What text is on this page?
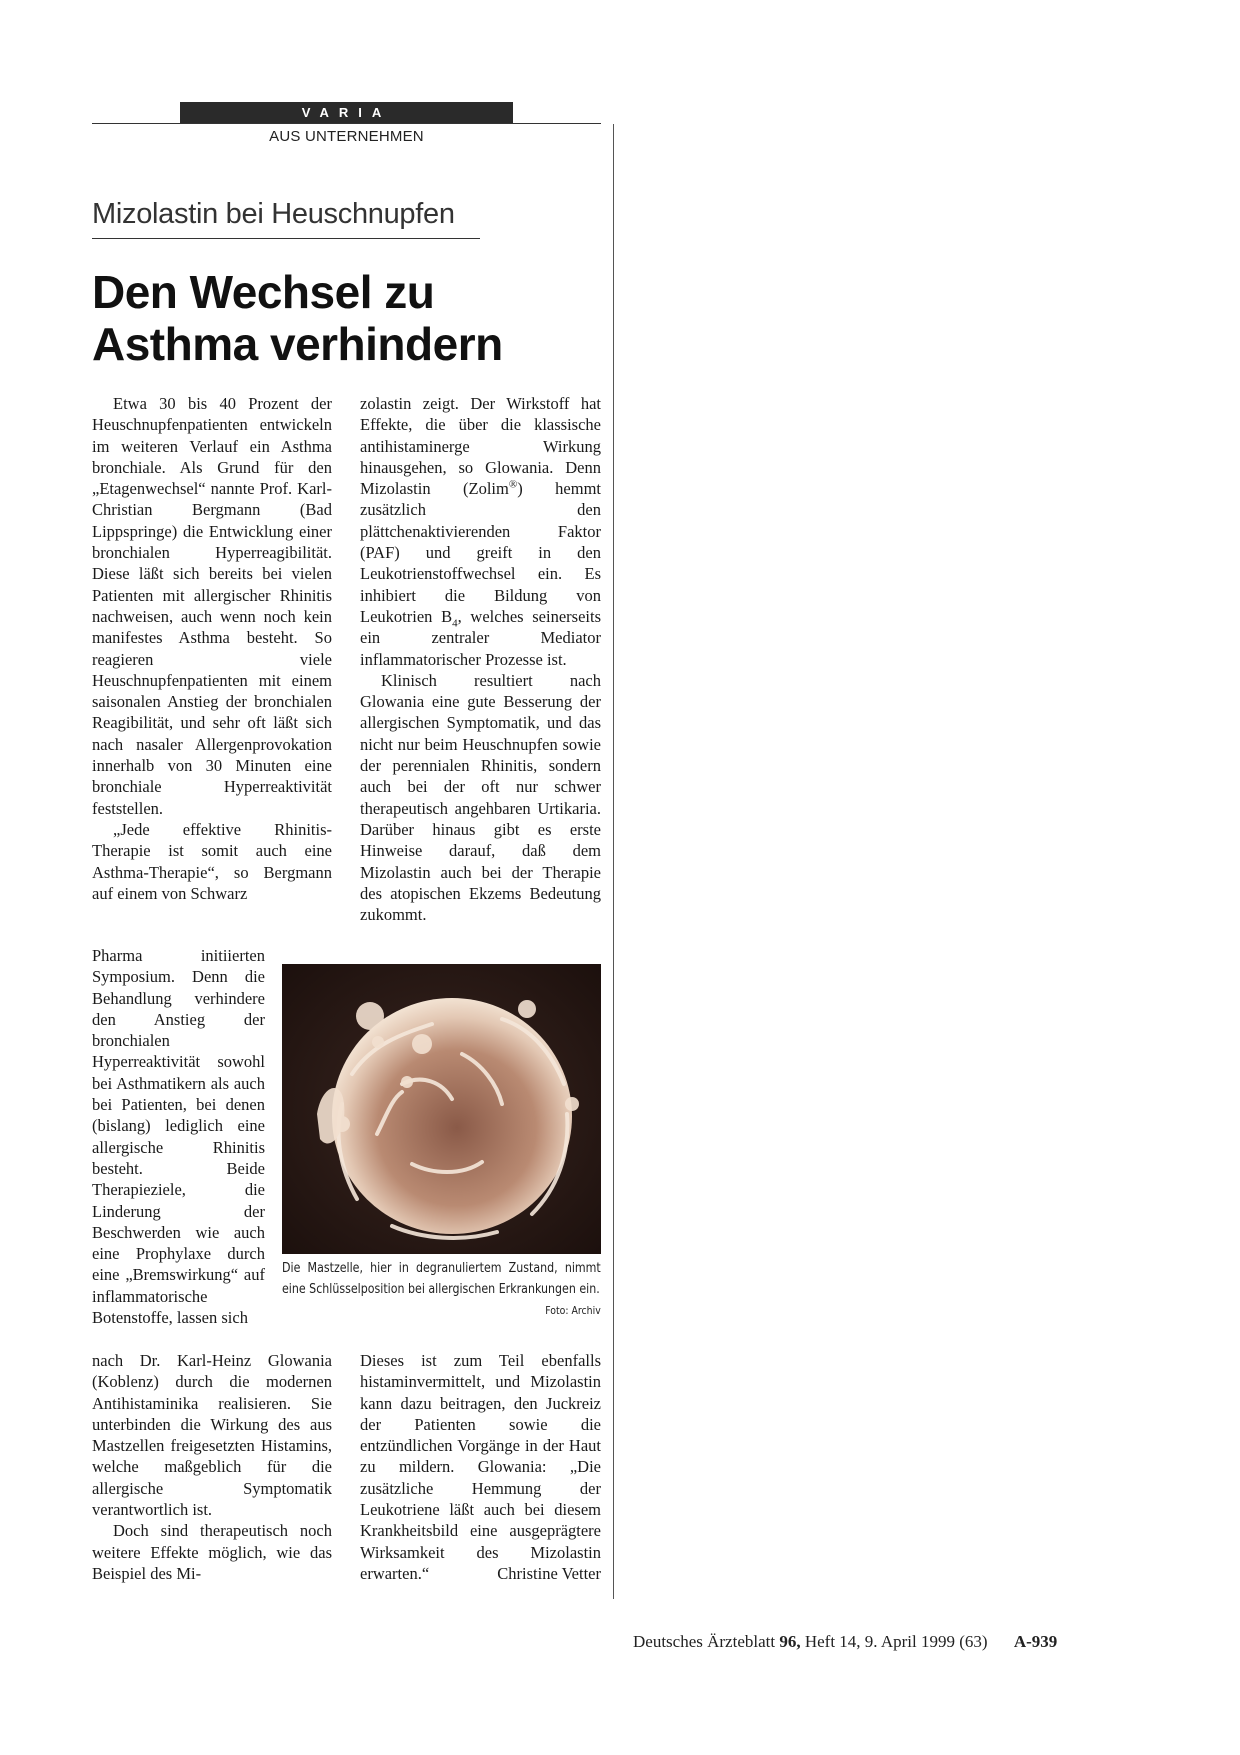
VARIA
AUS UNTERNEHMEN
Mizolastin bei Heuschnupfen
Den Wechsel zu
Asthma verhindern

Etwa 30 bis 40 Prozent der Heuschnupfenpatienten entwickeln im weiteren Verlauf ein Asthma bronchiale. Als Grund für den „Etagenwechsel“ nannte Prof. Karl-Christian Bergmann (Bad Lippspringe) die Entwicklung einer bronchialen Hyperreagibilität. Diese läßt sich bereits bei vielen Patienten mit allergischer Rhinitis nachweisen, auch wenn noch kein manifestes Asthma besteht. So reagieren viele Heuschnupfenpatienten mit einem saisonalen Anstieg der bronchialen Reagibilität, und sehr oft läßt sich nach nasaler Allergenprovokation innerhalb von 30 Minuten eine bronchiale Hyperreaktivität feststellen.

„Jede effektive Rhinitis-Therapie ist somit auch eine Asthma-Therapie“, so Bergmann auf einem von Schwarz

Pharma initiierten Symposium. Denn die Behandlung verhindere den Anstieg der bronchialen Hyperreaktivität sowohl bei Asthmatikern als auch bei Patienten, bei denen (bislang) lediglich eine allergische Rhinitis besteht. Beide Therapieziele, die Linderung der Beschwerden wie auch eine Prophylaxe durch eine „Bremswirkung“ auf inflammatorische Botenstoffe, lassen sich

nach Dr. Karl-Heinz Glowania (Koblenz) durch die modernen Antihistaminika realisieren. Sie unterbinden die Wirkung des aus Mastzellen freigesetzten Histamins, welche maßgeblich für die allergische Symptomatik verantwortlich ist.

Doch sind therapeutisch noch weitere Effekte möglich, wie das Beispiel des Mi-

zolastin zeigt. Der Wirkstoff hat Effekte, die über die klassische antihistaminerge Wirkung hinausgehen, so Glowania. Denn Mizolastin (Zolim®) hemmt zusätzlich den plättchenaktivierenden Faktor (PAF) und greift in den Leukotrienstoffwechsel ein. Es inhibiert die Bildung von Leukotrien $B_4$, welches seinerseits ein zentraler Mediator inflammatorischer Prozesse ist.

Klinisch resultiert nach Glowania eine gute Besserung der allergischen Symptomatik, und das nicht nur beim Heuschnupfen sowie der perennialen Rhinitis, sondern auch bei der oft nur schwer therapeutisch angehbaren Urtikaria. Darüber hinaus gibt es erste Hinweise darauf, daß dem Mizolastin auch bei der Therapie des atopischen Ekzems Bedeutung zukommt.

Dieses ist zum Teil ebenfalls histaminvermittelt, und Mizolastin kann dazu beitragen, den Juckreiz der Patienten sowie die entzündlichen Vorgänge in der Haut zu mildern. Glowania: „Die zusätzliche Hemmung der Leukotriene läßt auch bei diesem Krankheitsbild eine ausgeprägtere Wirksamkeit des Mizolastin erwarten.“	Christine Vetter

Die Mastzelle, hier in degranuliertem Zustand, nimmt eine Schlüsselposition bei allergischen Erkrankungen ein.
Foto: Archiv
Deutsches Ärzteblatt 96, Heft 14, 9. April 1999 (63) A-939
